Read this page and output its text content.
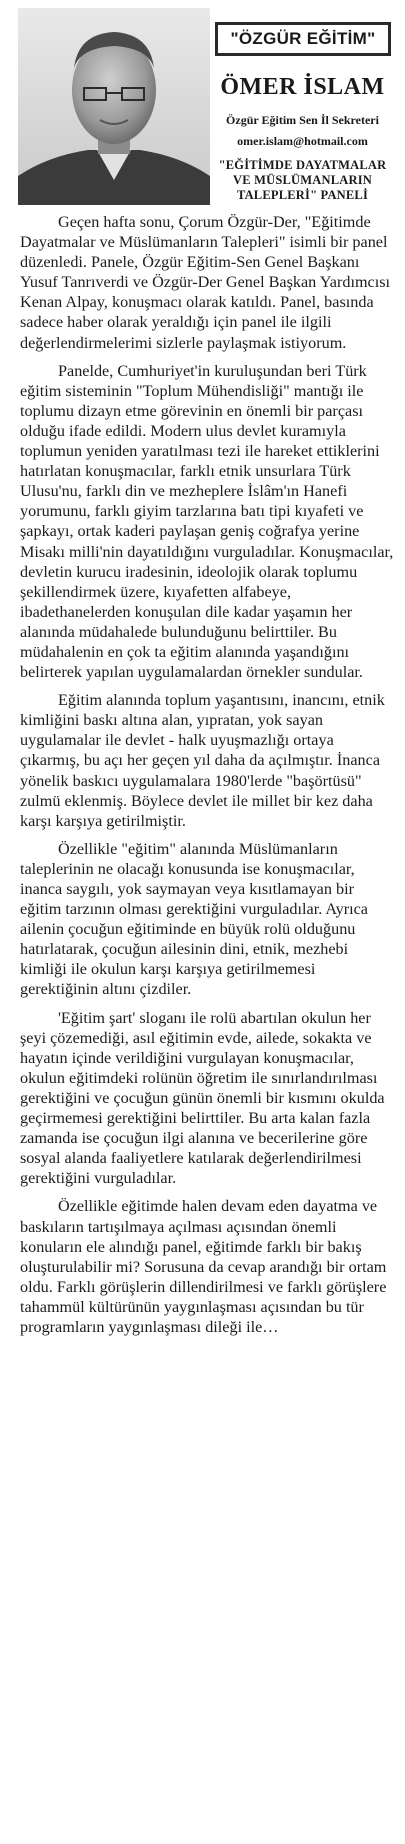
"ÖZGÜR EĞİTİM"
ÖMER İSLAM
Özgür Eğitim Sen İl Sekreteri
omer.islam@hotmail.com
"EĞİTİMDE DAYATMALAR VE MÜSLÜMANLARIN TALEPLERİ" PANELİ

Geçen hafta sonu, Çorum Özgür-Der, "Eğitimde Dayatmalar ve Müslümanların Talepleri" isimli bir panel düzenledi. Panele, Özgür Eğitim-Sen Genel Başkanı Yusuf Tanrıverdi ve Özgür-Der Genel Başkan Yardımcısı Kenan Alpay, konuşmacı olarak katıldı. Panel, basında sadece haber olarak yeraldığı için panel ile ilgili değerlendirmelerimi sizlerle paylaşmak istiyorum.

Panelde, Cumhuriyet'in kuruluşundan beri Türk eğitim sisteminin "Toplum Mühendisliği" mantığı ile toplumu dizayn etme görevinin en önemli bir parçası olduğu ifade edildi. Modern ulus devlet kuramıyla toplumun yeniden yaratılması tezi ile hareket ettiklerini hatırlatan konuşmacılar, farklı etnik unsurlara Türk Ulusu'nu, farklı din ve mezheplere İslâm'ın Hanefi yorumunu, farklı giyim tarzlarına batı tipi kıyafeti ve şapkayı, ortak kaderi paylaşan geniş coğrafya yerine Misakı milli'nin dayatıldığını vurguladılar. Konuşmacılar, devletin kurucu iradesinin, ideolojik olarak toplumu şekillendirmek üzere, kıyafetten alfabeye, ibadethanelerden konuşulan dile kadar yaşamın her alanında müdahalede bulunduğunu belirttiler. Bu müdahalenin en çok ta eğitim alanında yaşandığını belirterek yapılan uygulamalardan örnekler sundular.

Eğitim alanında toplum yaşantısını, inancını, etnik kimliğini baskı altına alan, yıpratan, yok sayan uygulamalar ile devlet - halk uyuşmazlığı ortaya çıkarmış, bu açı her geçen yıl daha da açılmıştır. İnanca yönelik baskıcı uygulamalara 1980'lerde "başörtüsü" zulmü eklenmiş. Böylece devlet ile millet bir kez daha karşı karşıya getirilmiştir.

Özellikle "eğitim" alanında Müslümanların taleplerinin ne olacağı konusunda ise konuşmacılar, inanca saygılı, yok saymayan veya kısıtlamayan bir eğitim tarzının olması gerektiğini vurguladılar. Ayrıca ailenin çocuğun eğitiminde en büyük rolü olduğunu hatırlatarak, çocuğun ailesinin dini, etnik, mezhebi kimliği ile okulun karşı karşıya getirilmemesi gerektiğinin altını çizdiler.

'Eğitim şart' sloganı ile rolü abartılan okulun her şeyi çözemediği, asıl eğitimin evde, ailede, sokakta ve hayatın içinde verildiğini vurgulayan konuşmacılar, okulun eğitimdeki rolünün öğretim ile sınırlandırılması gerektiğini ve çocuğun günün önemli bir kısmını okulda geçirmemesi gerektiğini belirttiler. Bu arta kalan fazla zamanda ise çocuğun ilgi alanına ve becerilerine göre sosyal alanda faaliyetlere katılarak değerlendirilmesi gerektiğini vurguladılar.

Özellikle eğitimde halen devam eden dayatma ve baskıların tartışılmaya açılması açısından önemli konuların ele alındığı panel, eğitimde farklı bir bakış oluşturulabilir mi? Sorusuna da cevap arandığı bir ortam oldu. Farklı görüşlerin dillendirilmesi ve farklı görüşlere tahammül kültürünün yaygınlaşması açısından bu tür programların yaygınlaşması dileği ile…
